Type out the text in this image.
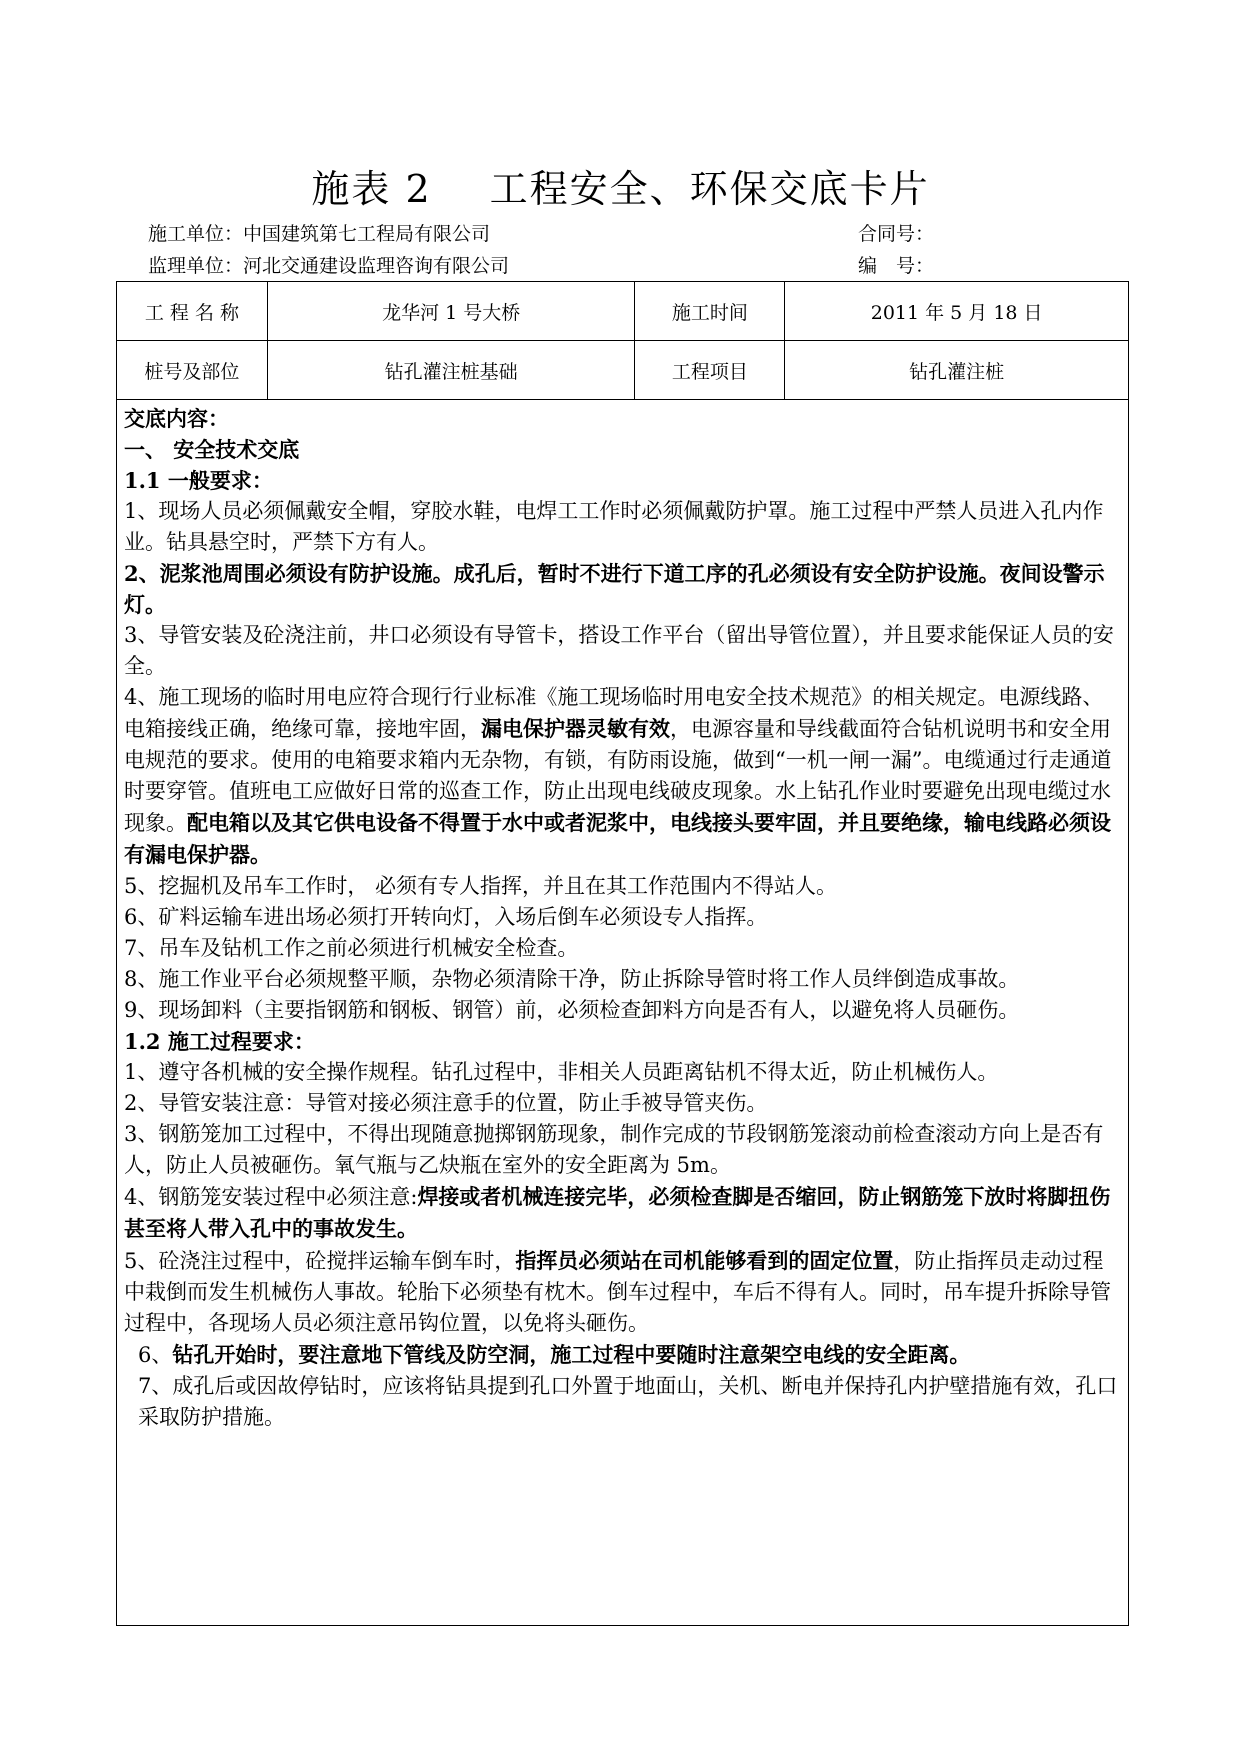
施表 2 工程安全、环保交底卡片
施工单位：中国建筑第七工程局有限公司	合同号：
监理单位：河北交通建设监理咨询有限公司	编　号：
工 程 名 称	龙华河 1 号大桥	施工时间	2011 年 5 月 18 日
桩号及部位	钻孔灌注桩基础	工程项目	钻孔灌注桩

交底内容：

一、 安全技术交底

1.1 一般要求：

1、现场人员必须佩戴安全帽，穿胶水鞋，电焊工工作时必须佩戴防护罩。施工过程中严禁人员进入孔内作业。钻具悬空时，严禁下方有人。

2、泥浆池周围必须设有防护设施。成孔后，暂时不进行下道工序的孔必须设有安全防护设施。夜间设警示灯。

3、导管安装及砼浇注前，井口必须设有导管卡，搭设工作平台（留出导管位置），并且要求能保证人员的安全。

4、施工现场的临时用电应符合现行行业标准《施工现场临时用电安全技术规范》的相关规定。电源线路、电箱接线正确，绝缘可靠，接地牢固，漏电保护器灵敏有效，电源容量和导线截面符合钻机说明书和安全用电规范的要求。使用的电箱要求箱内无杂物，有锁，有防雨设施，做到“一机一闸一漏”。电缆通过行走通道时要穿管。值班电工应做好日常的巡查工作，防止出现电线破皮现象。水上钻孔作业时要避免出现电缆过水现象。配电箱以及其它供电设备不得置于水中或者泥浆中，电线接头要牢固，并且要绝缘，输电线路必须设有漏电保护器。

5、挖掘机及吊车工作时， 必须有专人指挥，并且在其工作范围内不得站人。

6、矿料运输车进出场必须打开转向灯，入场后倒车必须设专人指挥。

7、吊车及钻机工作之前必须进行机械安全检查。

8、施工作业平台必须规整平顺，杂物必须清除干净，防止拆除导管时将工作人员绊倒造成事故。

9、现场卸料（主要指钢筋和钢板、钢管）前，必须检查卸料方向是否有人，以避免将人员砸伤。

1.2 施工过程要求：

1、遵守各机械的安全操作规程。钻孔过程中，非相关人员距离钻机不得太近，防止机械伤人。

2、导管安装注意：导管对接必须注意手的位置，防止手被导管夹伤。

3、钢筋笼加工过程中，不得出现随意抛掷钢筋现象，制作完成的节段钢筋笼滚动前检查滚动方向上是否有人，防止人员被砸伤。氧气瓶与乙炔瓶在室外的安全距离为 5m。

4、钢筋笼安装过程中必须注意:焊接或者机械连接完毕，必须检查脚是否缩回，防止钢筋笼下放时将脚扭伤甚至将人带入孔中的事故发生。

5、砼浇注过程中，砼搅拌运输车倒车时，指挥员必须站在司机能够看到的固定位置，防止指挥员走动过程中栽倒而发生机械伤人事故。轮胎下必须垫有枕木。倒车过程中，车后不得有人。同时，吊车提升拆除导管过程中，各现场人员必须注意吊钩位置，以免将头砸伤。

6、钻孔开始时，要注意地下管线及防空洞，施工过程中要随时注意架空电线的安全距离。

7、成孔后或因故停钻时，应该将钻具提到孔口外置于地面山，关机、断电并保持孔内护壁措施有效，孔口采取防护措施。
